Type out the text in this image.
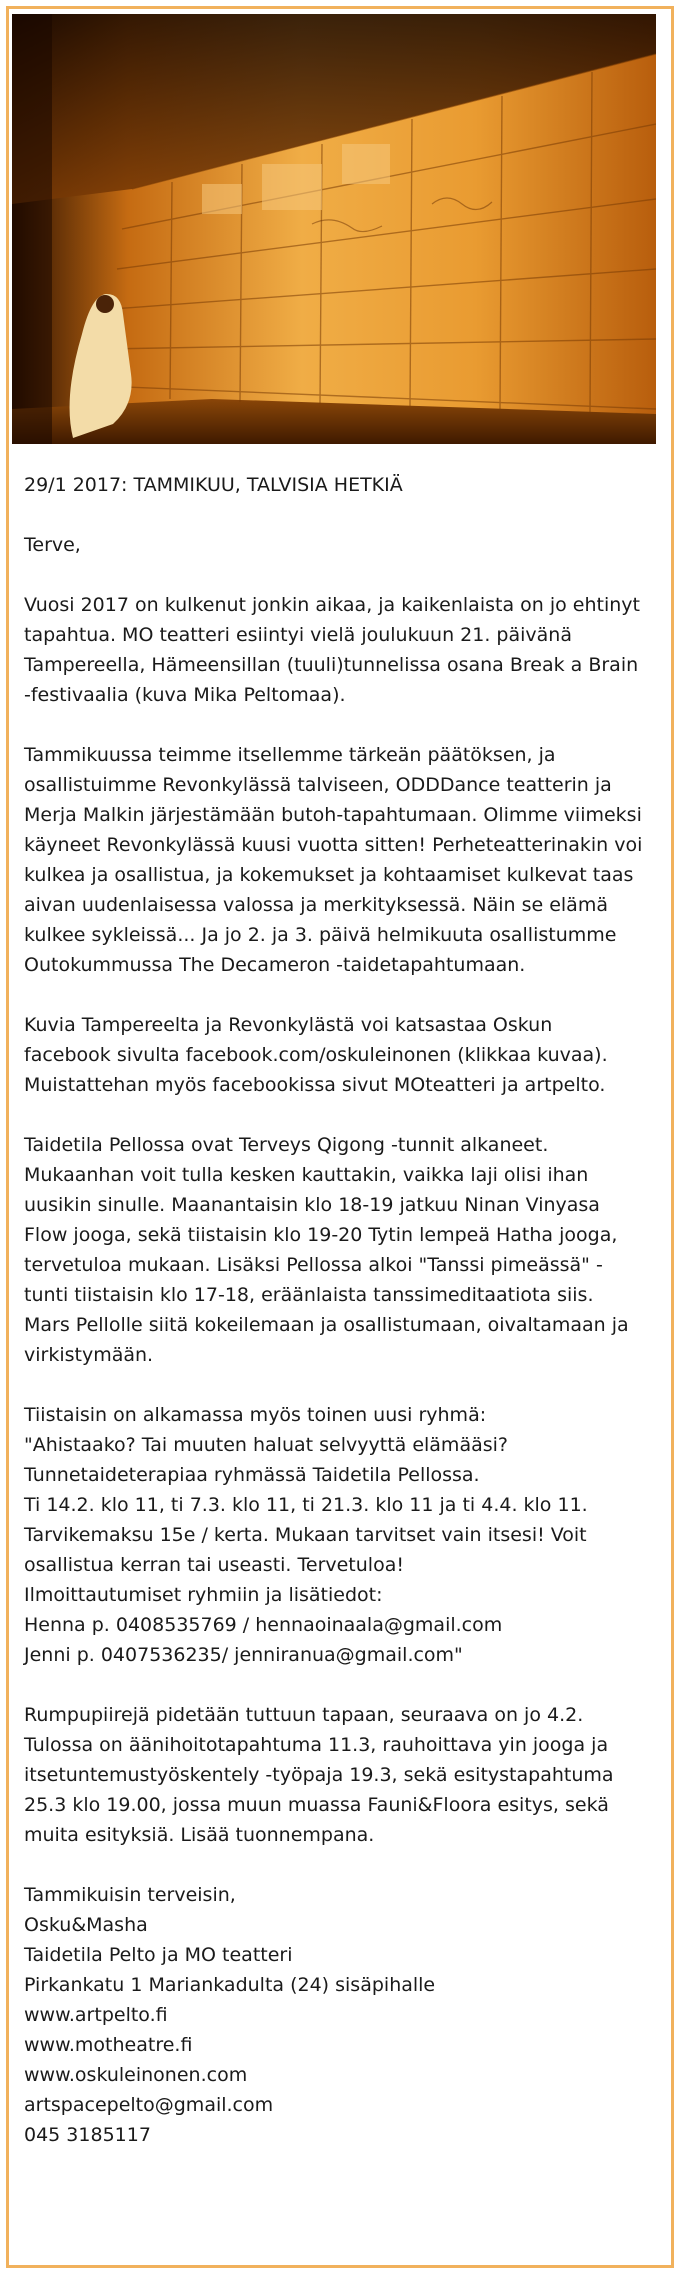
29/1 2017: TAMMIKUU, TALVISIA HETKIÄ

Terve,

Vuosi 2017 on kulkenut jonkin aikaa, ja kaikenlaista on jo ehtinyt tapahtua. MO teatteri esiintyi vielä joulukuun 21. päivänä Tampereella, Hämeensillan (tuuli)tunnelissa osana Break a Brain -festivaalia (kuva Mika Peltomaa).

Tammikuussa teimme itsellemme tärkeän päätöksen, ja osallistuimme Revonkylässä talviseen, ODDDance teatterin ja Merja Malkin järjestämään butoh-tapahtumaan. Olimme viimeksi käyneet Revonkylässä kuusi vuotta sitten! Perheteatterinakin voi kulkea ja osallistua, ja kokemukset ja kohtaamiset kulkevat taas aivan uudenlaisessa valossa ja merkityksessä. Näin se elämä kulkee sykleissä... Ja jo 2. ja 3. päivä helmikuuta osallistumme Outokummussa The Decameron -taidetapahtumaan.

Kuvia Tampereelta ja Revonkylästä voi katsastaa Oskun facebook sivulta facebook.com/oskuleinonen (klikkaa kuvaa). Muistattehan myös facebookissa sivut MOteatteri ja artpelto.

Taidetila Pellossa ovat Terveys Qigong -tunnit alkaneet. Mukaanhan voit tulla kesken kauttakin, vaikka laji olisi ihan uusikin sinulle. Maanantaisin klo 18-19 jatkuu Ninan Vinyasa Flow jooga, sekä tiistaisin klo 19-20 Tytin lempeä Hatha jooga, tervetuloa mukaan. Lisäksi Pellossa alkoi "Tanssi pimeässä" -tunti tiistaisin klo 17-18, eräänlaista tanssimeditaatiota siis. Mars Pellolle siitä kokeilemaan ja osallistumaan, oivaltamaan ja virkistymään.

Tiistaisin on alkamassa myös toinen uusi ryhmä:
"Ahistaako? Tai muuten haluat selvyyttä elämääsi?
Tunnetaideterapiaa ryhmässä Taidetila Pellossa.
Ti 14.2. klo 11, ti 7.3. klo 11, ti 21.3. klo 11 ja ti 4.4. klo 11.
Tarvikemaksu 15e / kerta. Mukaan tarvitset vain itsesi! Voit osallistua kerran tai useasti. Tervetuloa!
Ilmoittautumiset ryhmiin ja lisätiedot:
Henna p. 0408535769 / hennaoinaala@gmail.com
Jenni p. 0407536235/ jenniranua@gmail.com"

Rumpupiirejä pidetään tuttuun tapaan, seuraava on jo 4.2. Tulossa on äänihoitotapahtuma 11.3, rauhoittava yin jooga ja itsetuntemustyöskentely -työpaja 19.3, sekä esitystapahtuma 25.3 klo 19.00, jossa muun muassa Fauni&Floora esitys, sekä muita esityksiä. Lisää tuonnempana.

Tammikuisin terveisin,
Osku&Masha
Taidetila Pelto ja MO teatteri
Pirkankatu 1 Mariankadulta (24) sisäpihalle
www.artpelto.fi
www.motheatre.fi
www.oskuleinonen.com
artspacepelto@gmail.com
045 3185117
